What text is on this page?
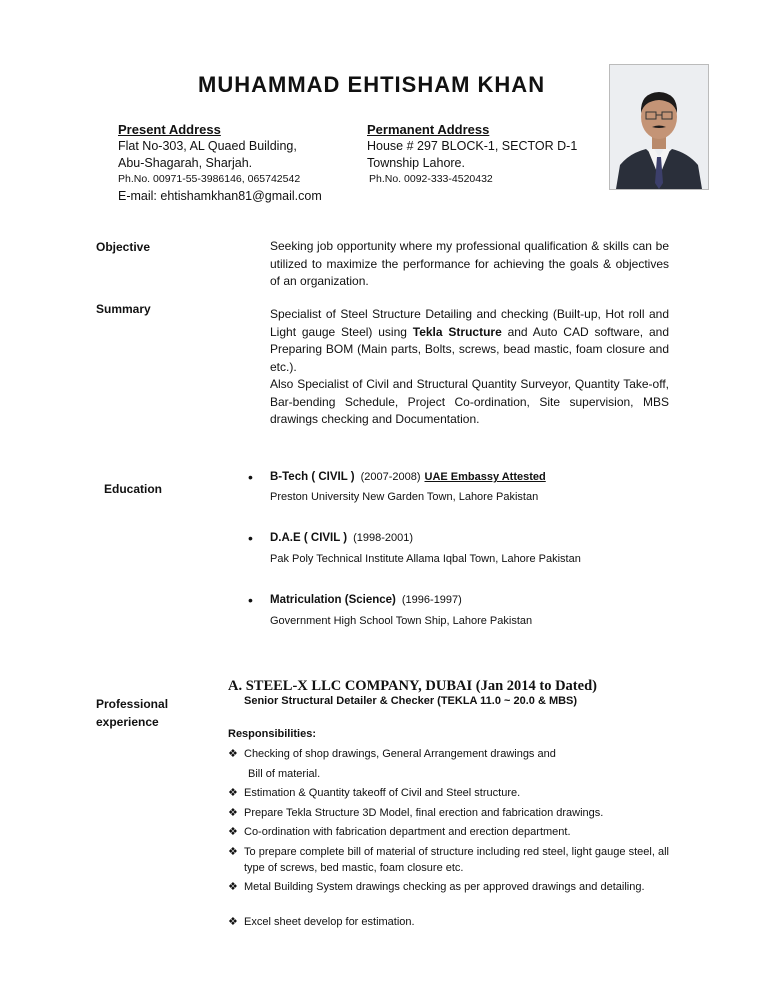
MUHAMMAD EHTISHAM KHAN
Present Address
Flat No-303, AL Quaed Building,
Abu-Shagarah, Sharjah.
Ph.No. 00971-55-3986146, 065742542
E-mail: ehtishamkhan81@gmail.com
Permanent Address
House # 297 BLOCK-1, SECTOR D-1
Township Lahore.
Ph.No. 0092-333-4520432
Objective	Seeking job opportunity where my professional qualification & skills can be utilized to maximize the performance for achieving the goals & objectives of an organization.
Summary	Specialist of Steel Structure Detailing and checking (Built-up, Hot roll and Light gauge Steel) using Tekla Structure and Auto CAD software, and Preparing BOM (Main parts, Bolts, screws, bead mastic, foam closure and etc.).
Also Specialist of Civil and Structural Quantity Surveyor, Quantity Take-off, Bar-bending Schedule, Project Co-ordination, Site supervision, MBS drawings checking and Documentation.
Education
• B-Tech ( CIVIL ) (2007-2008) UAE Embassy Attested
Preston University New Garden Town, Lahore Pakistan
• D.A.E ( CIVIL ) (1998-2001)
Pak Poly Technical Institute Allama Iqbal Town, Lahore Pakistan
• Matriculation (Science) (1996-1997)
Government High School Town Ship, Lahore Pakistan
Professional
experience
A. STEEL-X LLC COMPANY, DUBAI (Jan 2014 to Dated)
Senior Structural Detailer & Checker (TEKLA 11.0 ~ 20.0 & MBS)
Responsibilities:
❖ Checking of shop drawings, General Arrangement drawings and
Bill of material.
❖ Estimation & Quantity takeoff of Civil and Steel structure.
❖ Prepare Tekla Structure 3D Model, final erection and fabrication drawings.
❖ Co-ordination with fabrication department and erection department.
❖ To prepare complete bill of material of structure including red steel, light gauge steel, all type of screws, bed mastic, foam closure etc.
❖ Metal Building System drawings checking as per approved drawings and detailing.
❖ Excel sheet develop for estimation.
